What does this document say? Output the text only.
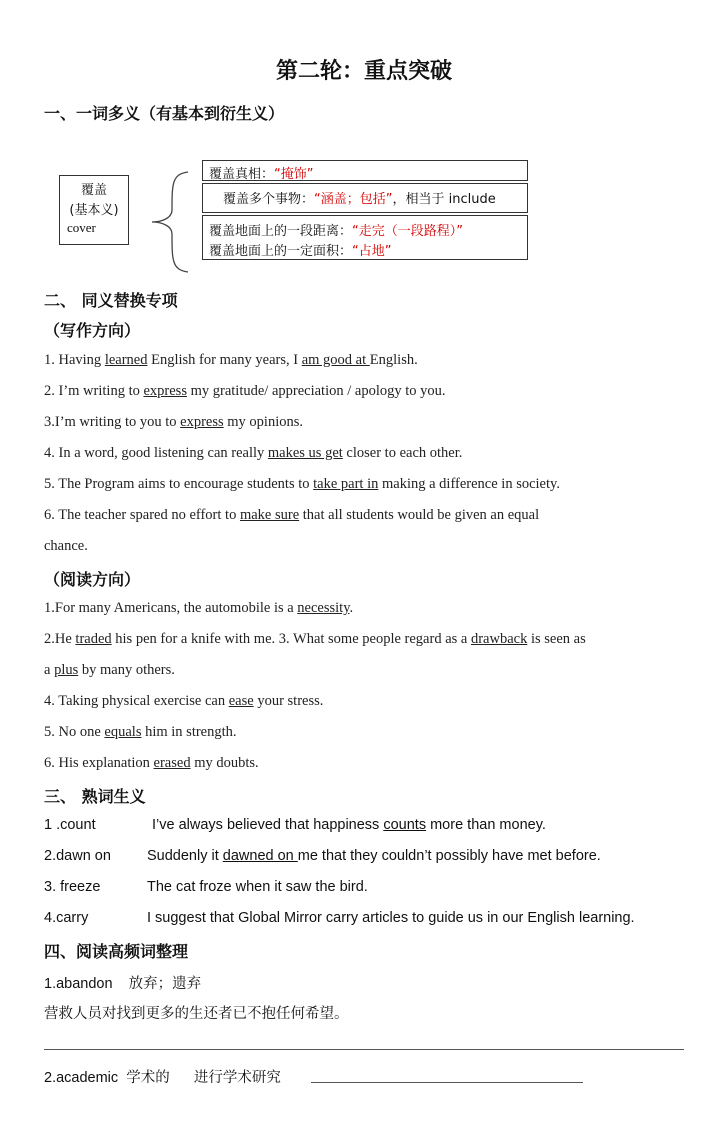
第二轮：重点突破
一、一词多义（有基本到衍生义）
覆盖
(基本义)
cover
覆盖真相：“掩饰”
覆盖多个事物：“涵盖；包括”，相当于 include
覆盖地面上的一段距离：“走完（一段路程）”
覆盖地面上的一定面积：“占地”
二、 同义替换专项
（写作方向）
1. Having learned English for many years, I am good at English.
2. I’m writing to express my gratitude/ appreciation / apology to you.
3.I’m writing to you to express my opinions.
4. In a word, good listening can really makes us get closer to each other.
5. The Program aims to encourage students to take part in making a difference in society.
6. The teacher spared no effort to make sure that all students would be given an equal
chance.
（阅读方向）
1.For many Americans, the automobile is a necessity.
2.He traded his pen for a knife with me. 3. What some people regard as a drawback is seen as
a plus by many others.
4. Taking physical exercise can ease your stress.
5. No one equals him in strength.
6. His explanation erased my doubts.
三、 熟词生义
1 .count	I’ve always believed that happiness counts more than money.
2.dawn on Suddenly it dawned on me that they couldn’t possibly have met before.
3. freeze	The cat froze when it saw the bird.
4.carry	I suggest that Global Mirror carry articles to guide us in our English learning.
四、阅读高频词整理
1.abandon 放弃；遗弃
营救人员对找到更多的生还者已不抱任何希望。
2.academic 学术的 进行学术研究
